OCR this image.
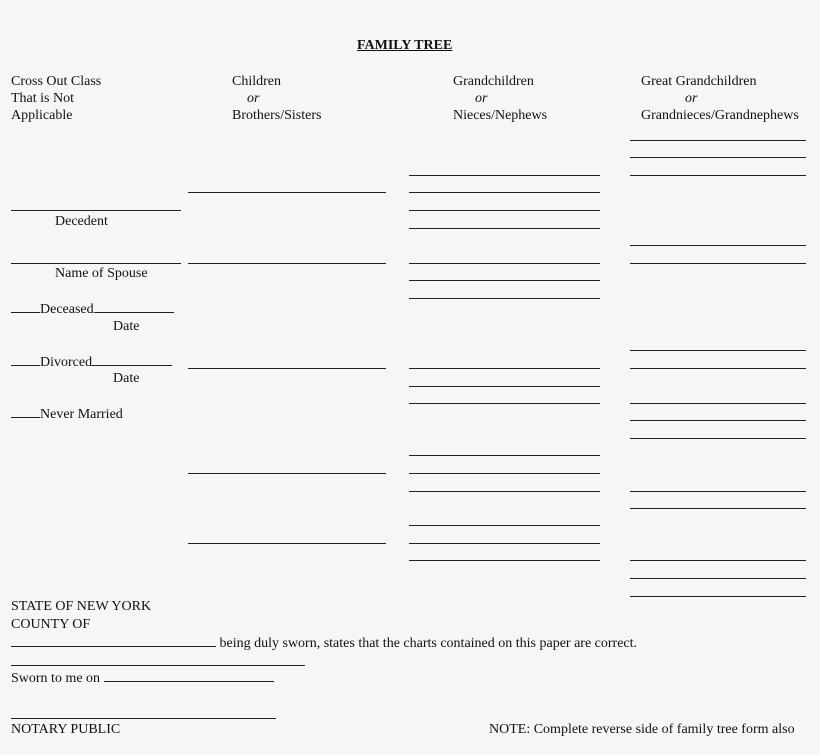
FAMILY TREE
Cross Out Class
That is Not
Applicable
Children
or
Brothers/Sisters
Grandchildren
or
Nieces/Nephews
Great Grandchildren
or
Grandnieces/Grandnephews
Decedent
Name of Spouse
Deceased
Date
Divorced
Date
Never Married
STATE OF NEW YORK
COUNTY OF
being duly sworn, states that the charts contained on this paper are correct.
Sworn to me on
NOTARY PUBLIC	NOTE: Complete reverse side of family tree form also
